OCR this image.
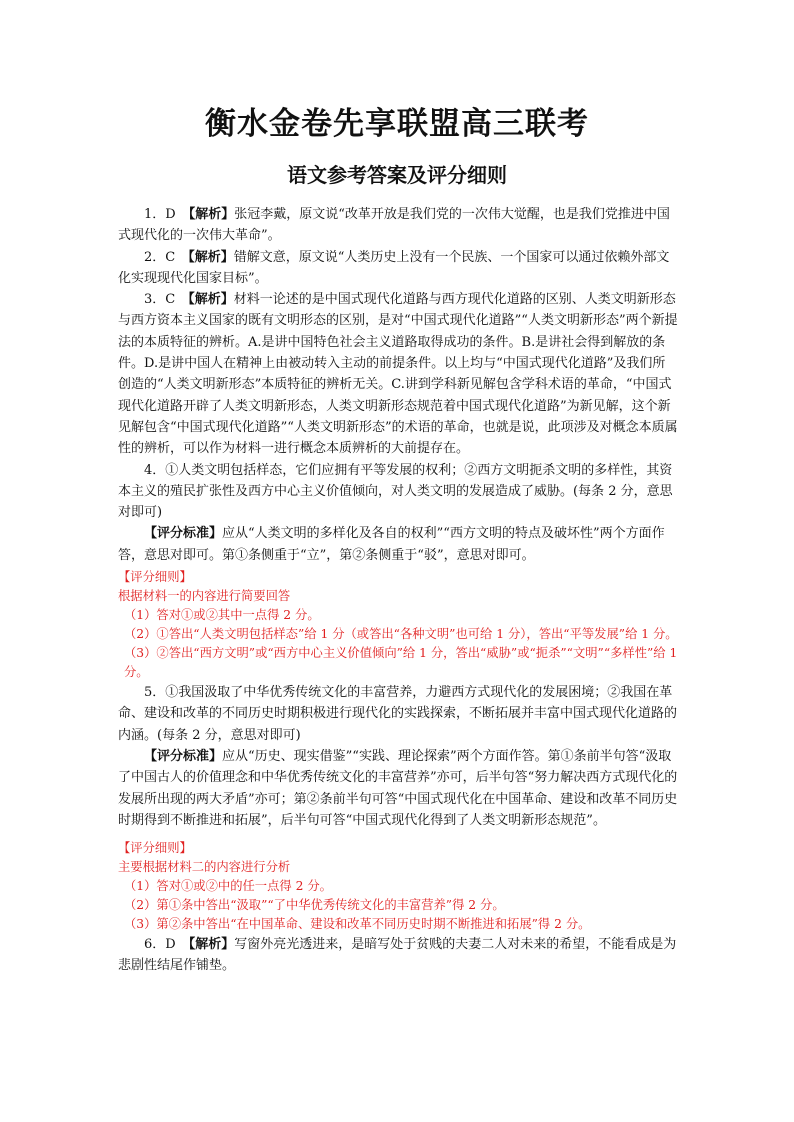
衡水金卷先享联盟高三联考
语文参考答案及评分细则

1．D　【解析】张冠李戴，原文说“改革开放是我们党的一次伟大觉醒，也是我们党推进中国式现代化的一次伟大革命”。

2．C　【解析】错解文意，原文说“人类历史上没有一个民族、一个国家可以通过依赖外部文化实现现代化国家目标”。

3．C　【解析】材料一论述的是中国式现代化道路与西方现代化道路的区别、人类文明新形态与西方资本主义国家的既有文明形态的区别，是对“中国式现代化道路”“人类文明新形态”两个新提法的本质特征的辨析。A.是讲中国特色社会主义道路取得成功的条件。B.是讲社会得到解放的条件。D.是讲中国人在精神上由被动转入主动的前提条件。以上均与“中国式现代化道路”及我们所创造的“人类文明新形态”本质特征的辨析无关。C.讲到学科新见解包含学科术语的革命，“中国式现代化道路开辟了人类文明新形态，人类文明新形态规范着中国式现代化道路”为新见解，这个新见解包含“中国式现代化道路”“人类文明新形态”的术语的革命，也就是说，此项涉及对概念本质属性的辨析，可以作为材料一进行概念本质辨析的大前提存在。

4．①人类文明包括样态，它们应拥有平等发展的权利；②西方文明扼杀文明的多样性，其资本主义的殖民扩张性及西方中心主义价值倾向，对人类文明的发展造成了威胁。(每条 2 分，意思对即可)

【评分标准】应从“人类文明的多样化及各自的权利”“西方文明的特点及破坏性”两个方面作答，意思对即可。第①条侧重于“立”，第②条侧重于“驳”，意思对即可。

【评分细则】

根据材料一的内容进行简要回答

（1）答对①或②其中一点得 2 分。

（2）①答出“人类文明包括样态”给 1 分（或答出“各种文明”也可给 1 分），答出“平等发展”给 1 分。

（3）②答出“西方文明”或“西方中心主义价值倾向”给 1 分，答出“威胁”或“扼杀”“文明”“多样性”给 1 分。

5．①我国汲取了中华优秀传统文化的丰富营养，力避西方式现代化的发展困境；②我国在革命、建设和改革的不同历史时期积极进行现代化的实践探索，不断拓展并丰富中国式现代化道路的内涵。(每条 2 分，意思对即可)

【评分标准】应从“历史、现实借鉴”“实践、理论探索”两个方面作答。第①条前半句答“汲取了中国古人的价值理念和中华优秀传统文化的丰富营养”亦可，后半句答“努力解决西方式现代化的发展所出现的两大矛盾”亦可；第②条前半句可答“中国式现代化在中国革命、建设和改革不同历史时期得到不断推进和拓展”，后半句可答“中国式现代化得到了人类文明新形态规范”。

【评分细则】

主要根据材料二的内容进行分析

（1）答对①或②中的任一点得 2 分。

（2）第①条中答出“汲取”“了中华优秀传统文化的丰富营养”得 2 分。

（3）第②条中答出“在中国革命、建设和改革不同历史时期不断推进和拓展”得 2 分。

6．D　【解析】写窗外亮光透进来，是暗写处于贫贱的夫妻二人对未来的希望，不能看成是为悲剧性结尾作铺垫。
